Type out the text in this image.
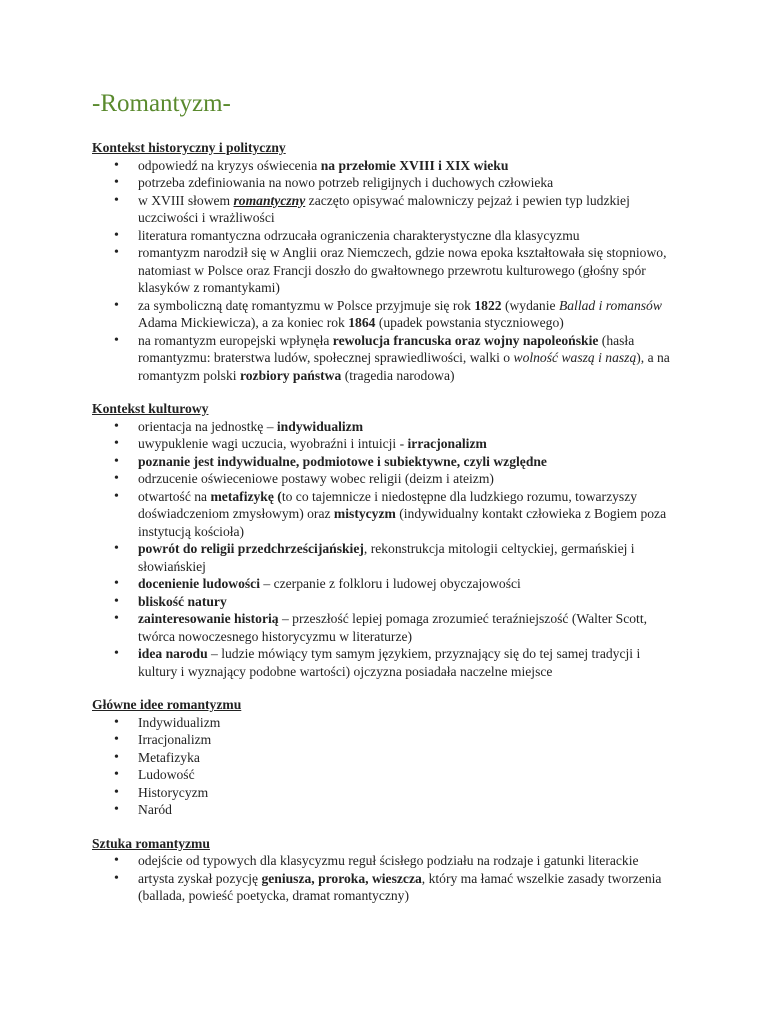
-Romantyzm-

Kontekst historyczny i polityczny

• odpowiedź na kryzys oświecenia na przełomie XVIII i XIX wieku
• potrzeba zdefiniowania na nowo potrzeb religijnych i duchowych człowieka
• w XVIII słowem romantyczny zaczęto opisywać malowniczy pejzaż i pewien typ ludzkiej uczciwości i wrażliwości
• literatura romantyczna odrzucała ograniczenia charakterystyczne dla klasycyzmu
• romantyzm narodził się w Anglii oraz Niemczech, gdzie nowa epoka kształtowała się stopniowo, natomiast w Polsce oraz Francji doszło do gwałtownego przewrotu kulturowego (głośny spór klasyków z romantykami)
• za symboliczną datę romantyzmu w Polsce przyjmuje się rok 1822 (wydanie Ballad i romansów Adama Mickiewicza), a za koniec rok 1864 (upadek powstania styczniowego)
• na romantyzm europejski wpłynęła rewolucja francuska oraz wojny napoleońskie (hasła romantyzmu: braterstwa ludów, społecznej sprawiedliwości, walki o wolność waszą i naszą), a na romantyzm polski rozbiory państwa (tragedia narodowa)

Kontekst kulturowy

• orientacja na jednostkę – indywidualizm
• uwypuklenie wagi uczucia, wyobraźni i intuicji - irracjonalizm
• poznanie jest indywidualne, podmiotowe i subiektywne, czyli względne
• odrzucenie oświeceniowe postawy wobec religii (deizm i ateizm)
• otwartość na metafizykę (to co tajemnicze i niedostępne dla ludzkiego rozumu, towarzyszy doświadczeniom zmysłowym) oraz mistycyzm (indywidualny kontakt człowieka z Bogiem poza instytucją kościoła)
• powrót do religii przedchrześcijańskiej, rekonstrukcja mitologii celtyckiej, germańskiej i słowiańskiej
• docenienie ludowości – czerpanie z folkloru i ludowej obyczajowości
• bliskość natury
• zainteresowanie historią – przeszłość lepiej pomaga zrozumieć teraźniejszość (Walter Scott, twórca nowoczesnego historycyzmu w literaturze)
• idea narodu – ludzie mówiący tym samym językiem, przyznający się do tej samej tradycji i kultury i wyznający podobne wartości) ojczyzna posiadała naczelne miejsce

Główne idee romantyzmu

• Indywidualizm
• Irracjonalizm
• Metafizyka
• Ludowość
• Historycyzm
• Naród

Sztuka romantyzmu

• odejście od typowych dla klasycyzmu reguł ścisłego podziału na rodzaje i gatunki literackie
• artysta zyskał pozycję geniusza, proroka, wieszcza, który ma łamać wszelkie zasady tworzenia (ballada, powieść poetycka, dramat romantyczny)
